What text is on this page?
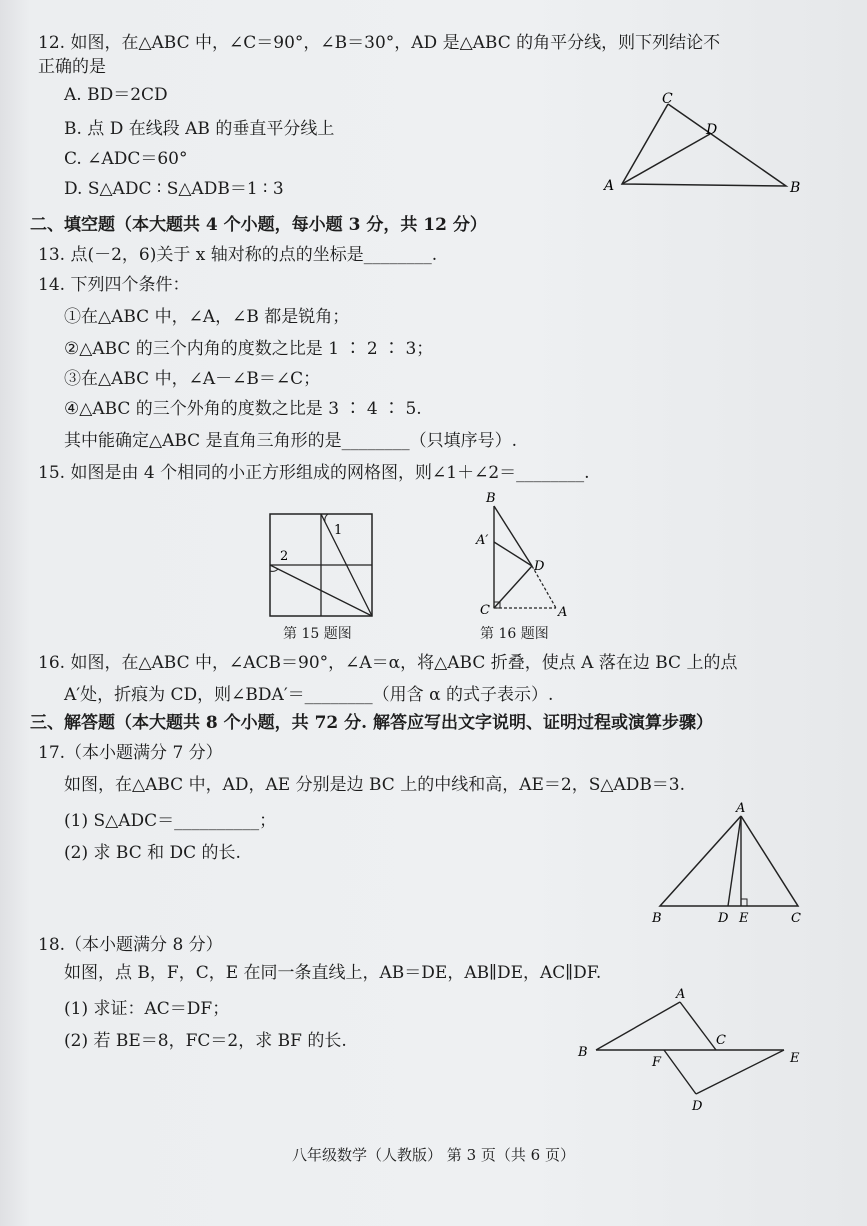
12. 如图，在△ABC 中，∠C＝90°，∠B＝30°，AD 是△ABC 的角平分线，则下列结论不
正确的是
A. BD＝2CD
B. 点 D 在线段 AB 的垂直平分线上
C. ∠ADC＝60°
D. S△ADC ∶ S△ADB＝1 ∶ 3
C
D
A	B
二、填空题（本大题共 4 个小题，每小题 3 分，共 12 分）
13. 点(－2，6)关于 x 轴对称的点的坐标是________.
14. 下列四个条件：
①在△ABC 中，∠A，∠B 都是锐角；
②△ABC 的三个内角的度数之比是 1 ∶ 2 ∶ 3；
③在△ABC 中，∠A－∠B＝∠C；
④△ABC 的三个外角的度数之比是 3 ∶ 4 ∶ 5.
其中能确定△ABC 是直角三角形的是________（只填序号）.
15. 如图是由 4 个相同的小正方形组成的网格图，则∠1＋∠2＝________.
1
2
第 15 题图
B
A′
D
C	A
第 16 题图
16. 如图，在△ABC 中，∠ACB＝90°，∠A＝α，将△ABC 折叠，使点 A 落在边 BC 上的点
A′处，折痕为 CD，则∠BDA′＝________（用含 α 的式子表示）.
三、解答题（本大题共 8 个小题，共 72 分. 解答应写出文字说明、证明过程或演算步骤）
17.（本小题满分 7 分）
如图，在△ABC 中，AD，AE 分别是边 BC 上的中线和高，AE＝2，S△ADB＝3.
(1) S△ADC＝__________；
(2) 求 BC 和 DC 的长.
A
B	D E	C
18.（本小题满分 8 分）
如图，点 B，F，C，E 在同一条直线上，AB＝DE，AB∥DE，AC∥DF.
(1) 求证：AC＝DF；
(2) 若 BE＝8，FC＝2，求 BF 的长.
A
B
C
F	E
D
八年级数学（人教版） 第 3 页（共 6 页）
